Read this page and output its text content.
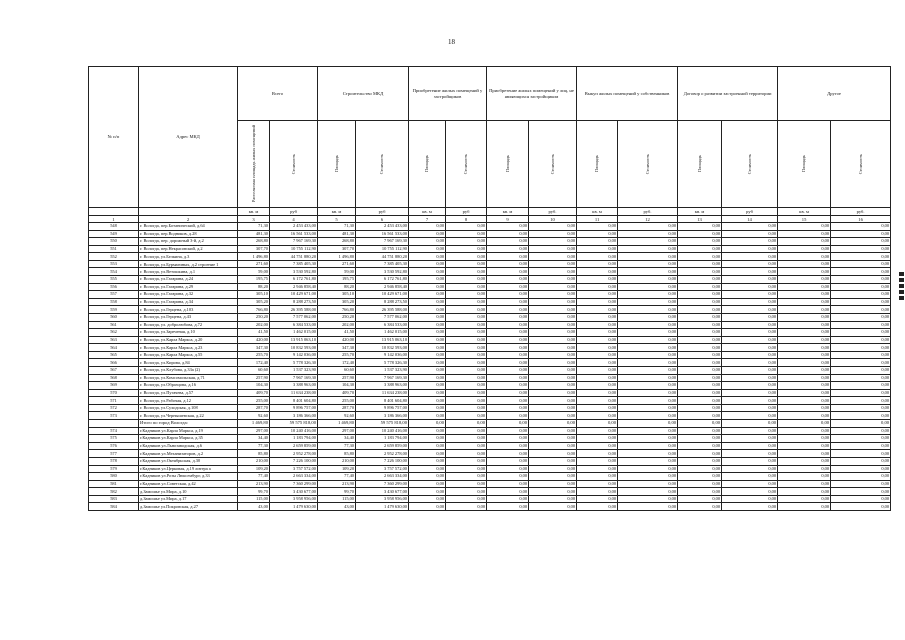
18
№ п/п	Адрес МКД	Всего		Строительство МКД		Приобретение жилых помещений у застройщиков		Приобретение жилых помещений у лиц, не являющихся застройщиком		Выкуп жилых помещений у собственников		Договор о развитии застроенной территории		Другое	

		Расселяемая площадь жилых помещений	Стоимость	Площадь	Стоимость	Площадь	Стоимость	Площадь	Стоимость	Площадь	Стоимость	Площадь	Стоимость	Площадь	Стоимость

		кв. м	руб	кв. м	руб	кв. м	руб	кв. м	руб.	кв. м	руб.	кв. м	руб	кв. м	руб.
1	2	3	4	5	6	7	8	9	10	11	12	13	14	15	16
548	г. Вологда, пер.Ботанический, д.64	71,30	2 453 433,00	71,30	2 453 433,00	0,00	0,00	0,00	0,00	0,00	0,00	0,00	0,00	0,00	0,00
549	г. Вологда, пер.Водников, д.28	481,30	16 561 533,00	481,30	16 561 533,00	0,00	0,00	0,00	0,00	0,00	0,00	0,00	0,00	0,00	0,00
550	г. Вологда, пер. дорожный 3-й, д.2	268,80	7 967 169,30	268,80	7 967 169,30	0,00	0,00	0,00	0,00	0,00	0,00	0,00	0,00	0,00	0,00
551	г. Вологда, пер.Некрасовский, д.2	307,70	10 755 112,90	307,70	10 755 112,90	0,00	0,00	0,00	0,00	0,00	0,00	0,00	0,00	0,00	0,00
552	г. Вологда, ул.Белкина, д.3	1 496,80	44 751 880,20	1 496,80	44 751 880,20	0,00	0,00	0,00	0,00	0,00	0,00	0,00	0,00	0,00	0,00
553	г. Вологда, ул.Бурмагиных, д.2 строение 1	271,60	7 385 405,30	271,60	7 385 405,30	0,00	0,00	0,00	0,00	0,00	0,00	0,00	0,00	0,00	0,00
554	г. Вологда, ул.Ветошкина, д.1	59,00	3 530 592,80	59,00	3 530 592,80	0,00	0,00	0,00	0,00	0,00	0,00	0,00	0,00	0,00	0,00
555	г. Вологда, ул.Гагарина, д.24	195,75	6 172 761,80	195,75	6 172 761,80	0,00	0,00	0,00	0,00	0,00	0,00	0,00	0,00	0,00	0,00
556	г. Вологда, ул.Гагарина, д.29	88,20	2 946 858,40	88,20	2 946 858,40	0,00	0,00	0,00	0,00	0,00	0,00	0,00	0,00	0,00	0,00
557	г. Вологда, ул.Гагарина, д.32	305,10	10 429 671,00	305,10	10 429 671,00	0,00	0,00	0,00	0,00	0,00	0,00	0,00	0,00	0,00	0,00
558	г. Вологда, ул.Гагарина, д.34	305,20	8 288 273,50	305,20	8 288 273,50	0,00	0,00	0,00	0,00	0,00	0,00	0,00	0,00	0,00	0,00
559	г. Вологда, ул.Герцена, д.103	766,80	26 395 588,00	766,80	26 395 588,00	0,00	0,00	0,00	0,00	0,00	0,00	0,00	0,00	0,00	0,00
560	г. Вологда, ул.Герцена, д.43	250,20	7 577 062,00	250,20	7 577 062,00	0,00	0,00	0,00	0,00	0,00	0,00	0,00	0,00	0,00	0,00
561	г. Вологда, ул. добролюбова, д.72	202,00	6 384 533,00	202,00	6 384 533,00	0,00	0,00	0,00	0,00	0,00	0,00	0,00	0,00	0,00	0,00
562	г. Вологда, ул.Зареченая, д.10	41,50	1 462 015,00	41,50	1 462 015,00	0,00	0,00	0,00	0,00	0,00	0,00	0,00	0,00	0,00	0,00
563	г. Вологда, ул.Карла Маркса, д.20	420,00	13 915 063,10	420,00	13 915 063,10	0,00	0,00	0,00	0,00	0,00	0,00	0,00	0,00	0,00	0,00
564	г. Вологда, ул.Карла Маркса, д.23	347,30	10 832 593,00	347,30	10 832 593,00	0,00	0,00	0,00	0,00	0,00	0,00	0,00	0,00	0,00	0,00
565	г. Вологда, ул.Карла Маркса, д.55	255,70	9 142 036,00	255,70	9 142 036,00	0,00	0,00	0,00	0,00	0,00	0,00	0,00	0,00	0,00	0,00
566	г. Вологда, ул.Кирова, д.84	172,40	5 778 326,30	172,40	5 778 326,30	0,00	0,00	0,00	0,00	0,00	0,00	0,00	0,00	0,00	0,00
567	г. Вологда, ул.Клубова, д.33а (2)	60,60	1 537 323,90	60,60	1 537 323,90	0,00	0,00	0,00	0,00	0,00	0,00	0,00	0,00	0,00	0,00
568	г. Вологда, ул.Комсомольская, д.71	257,90	7 967 169,30	257,90	7 967 169,30	0,00	0,00	0,00	0,00	0,00	0,00	0,00	0,00	0,00	0,00
569	г. Вологда, ул.Образцова, д.16	104,30	3 388 963,00	104,30	3 388 963,00	0,00	0,00	0,00	0,00	0,00	0,00	0,00	0,00	0,00	0,00
570	г. Вологда, ул.Пугачева, д.57	409,70	11 634 238,00	409,70	11 634 238,00	0,00	0,00	0,00	0,00	0,00	0,00	0,00	0,00	0,00	0,00
571	г. Вологда, ул.Рабочая, д.12	255,00	8 401 604,80	255,00	8 401 604,80	0,00	0,00	0,00	0,00	0,00	0,00	0,00	0,00	0,00	0,00
572	г. Вологда, ул.Суходская, д.108	287,70	9 896 757,00	287,70	9 896 757,00	0,00	0,00	0,00	0,00	0,00	0,00	0,00	0,00	0,00	0,00
573	г. Вологда, ул.Чернышевская, д.22	92,60	3 186 366,00	92,60	3 186 366,00	0,00	0,00	0,00	0,00	0,00	0,00	0,00	0,00	0,00	0,00
	Итого по город Вологда:	1 469,80	59 575 818,00	1 469,80	59 575 818,00	0,00	0,00	0,00	0,00	0,00	0,00	0,00	0,00	0,00	0,00
574	г.Кадников ул.Карла Маркса, д.19	297,00	10 240 416,00	297,00	10 240 416,00	0,00	0,00	0,00	0,00	0,00	0,00	0,00	0,00	0,00	0,00
575	г.Кадников ул.Карла Маркса, д.35	34,40	1 183 794,00	34,40	1 183 794,00	0,00	0,00	0,00	0,00	0,00	0,00	0,00	0,00	0,00	0,00
576	г.Кадников ул.Льнозаводская, д.6	77,30	2 659 859,00	77,30	2 659 859,00	0,00	0,00	0,00	0,00	0,00	0,00	0,00	0,00	0,00	0,00
577	г.Кадников ул.Механизаторов, д.2	85,80	2 952 278,00	85,80	2 952 278,00	0,00	0,00	0,00	0,00	0,00	0,00	0,00	0,00	0,00	0,00
578	г.Кадников ул.Октябрьская, д.30	210,00	7 226 100,00	210,00	7 226 100,00	0,00	0,00	0,00	0,00	0,00	0,00	0,00	0,00	0,00	0,00
579	г.Кадников ул.Церковая, д.19 литера а	109,20	3 757 572,00	109,20	3 757 572,00	0,00	0,00	0,00	0,00	0,00	0,00	0,00	0,00	0,00	0,00
580	г.Кадников ул.Розы Люксембург, д.33	77,40	2 663 334,00	77,40	2 663 334,00	0,00	0,00	0,00	0,00	0,00	0,00	0,00	0,00	0,00	0,00
581	г.Кадников ул.Советская, д.42	213,90	7 360 299,00	213,90	7 360 299,00	0,00	0,00	0,00	0,00	0,00	0,00	0,00	0,00	0,00	0,00
582	д.Замошье ул.Мира, д.10	99,70	3 430 677,00	99,70	3 430 677,00	0,00	0,00	0,00	0,00	0,00	0,00	0,00	0,00	0,00	0,00
583	д.Замошье ул.Мира, д.17	115,00	3 958 956,00	115,00	3 958 956,00	0,00	0,00	0,00	0,00	0,00	0,00	0,00	0,00	0,00	0,00
584	д.Замошье ул.Покровская, д.27	43,00	1 479 630,00	43,00	1 479 630,00	0,00	0,00	0,00	0,00	0,00	0,00	0,00	0,00	0,00	0,00
